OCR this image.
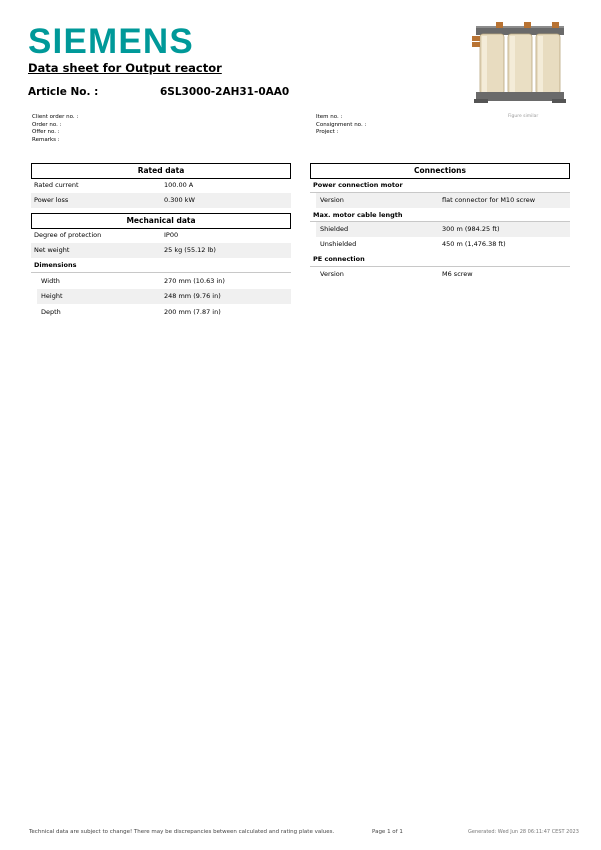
SIEMENS
Figure similar
Data sheet for Output reactor
Article No. :	6SL3000-2AH31-0AA0
Client order no. :
Order no. :
Offer no. :
Remarks :
Item no. :
Consignment no. :
Project :
Rated data
Rated current	100.00 A
Power loss	0.300 kW
Mechanical data
Degree of protection	IP00
Net weight	25 kg (55.12 lb)
Dimensions
Width	270 mm (10.63 in)
Height	248 mm (9.76 in)
Depth	200 mm (7.87 in)
Connections
Power connection motor
Version	flat connector for M10 screw
Max. motor cable length
Shielded	300 m (984.25 ft)
Unshielded	450 m (1,476.38 ft)
PE connection
Version	M6 screw
Technical data are subject to change! There may be discrepancies between calculated and rating plate values.	Page 1 of 1	Generated: Wed Jun 28 06:11:47 CEST 2023
